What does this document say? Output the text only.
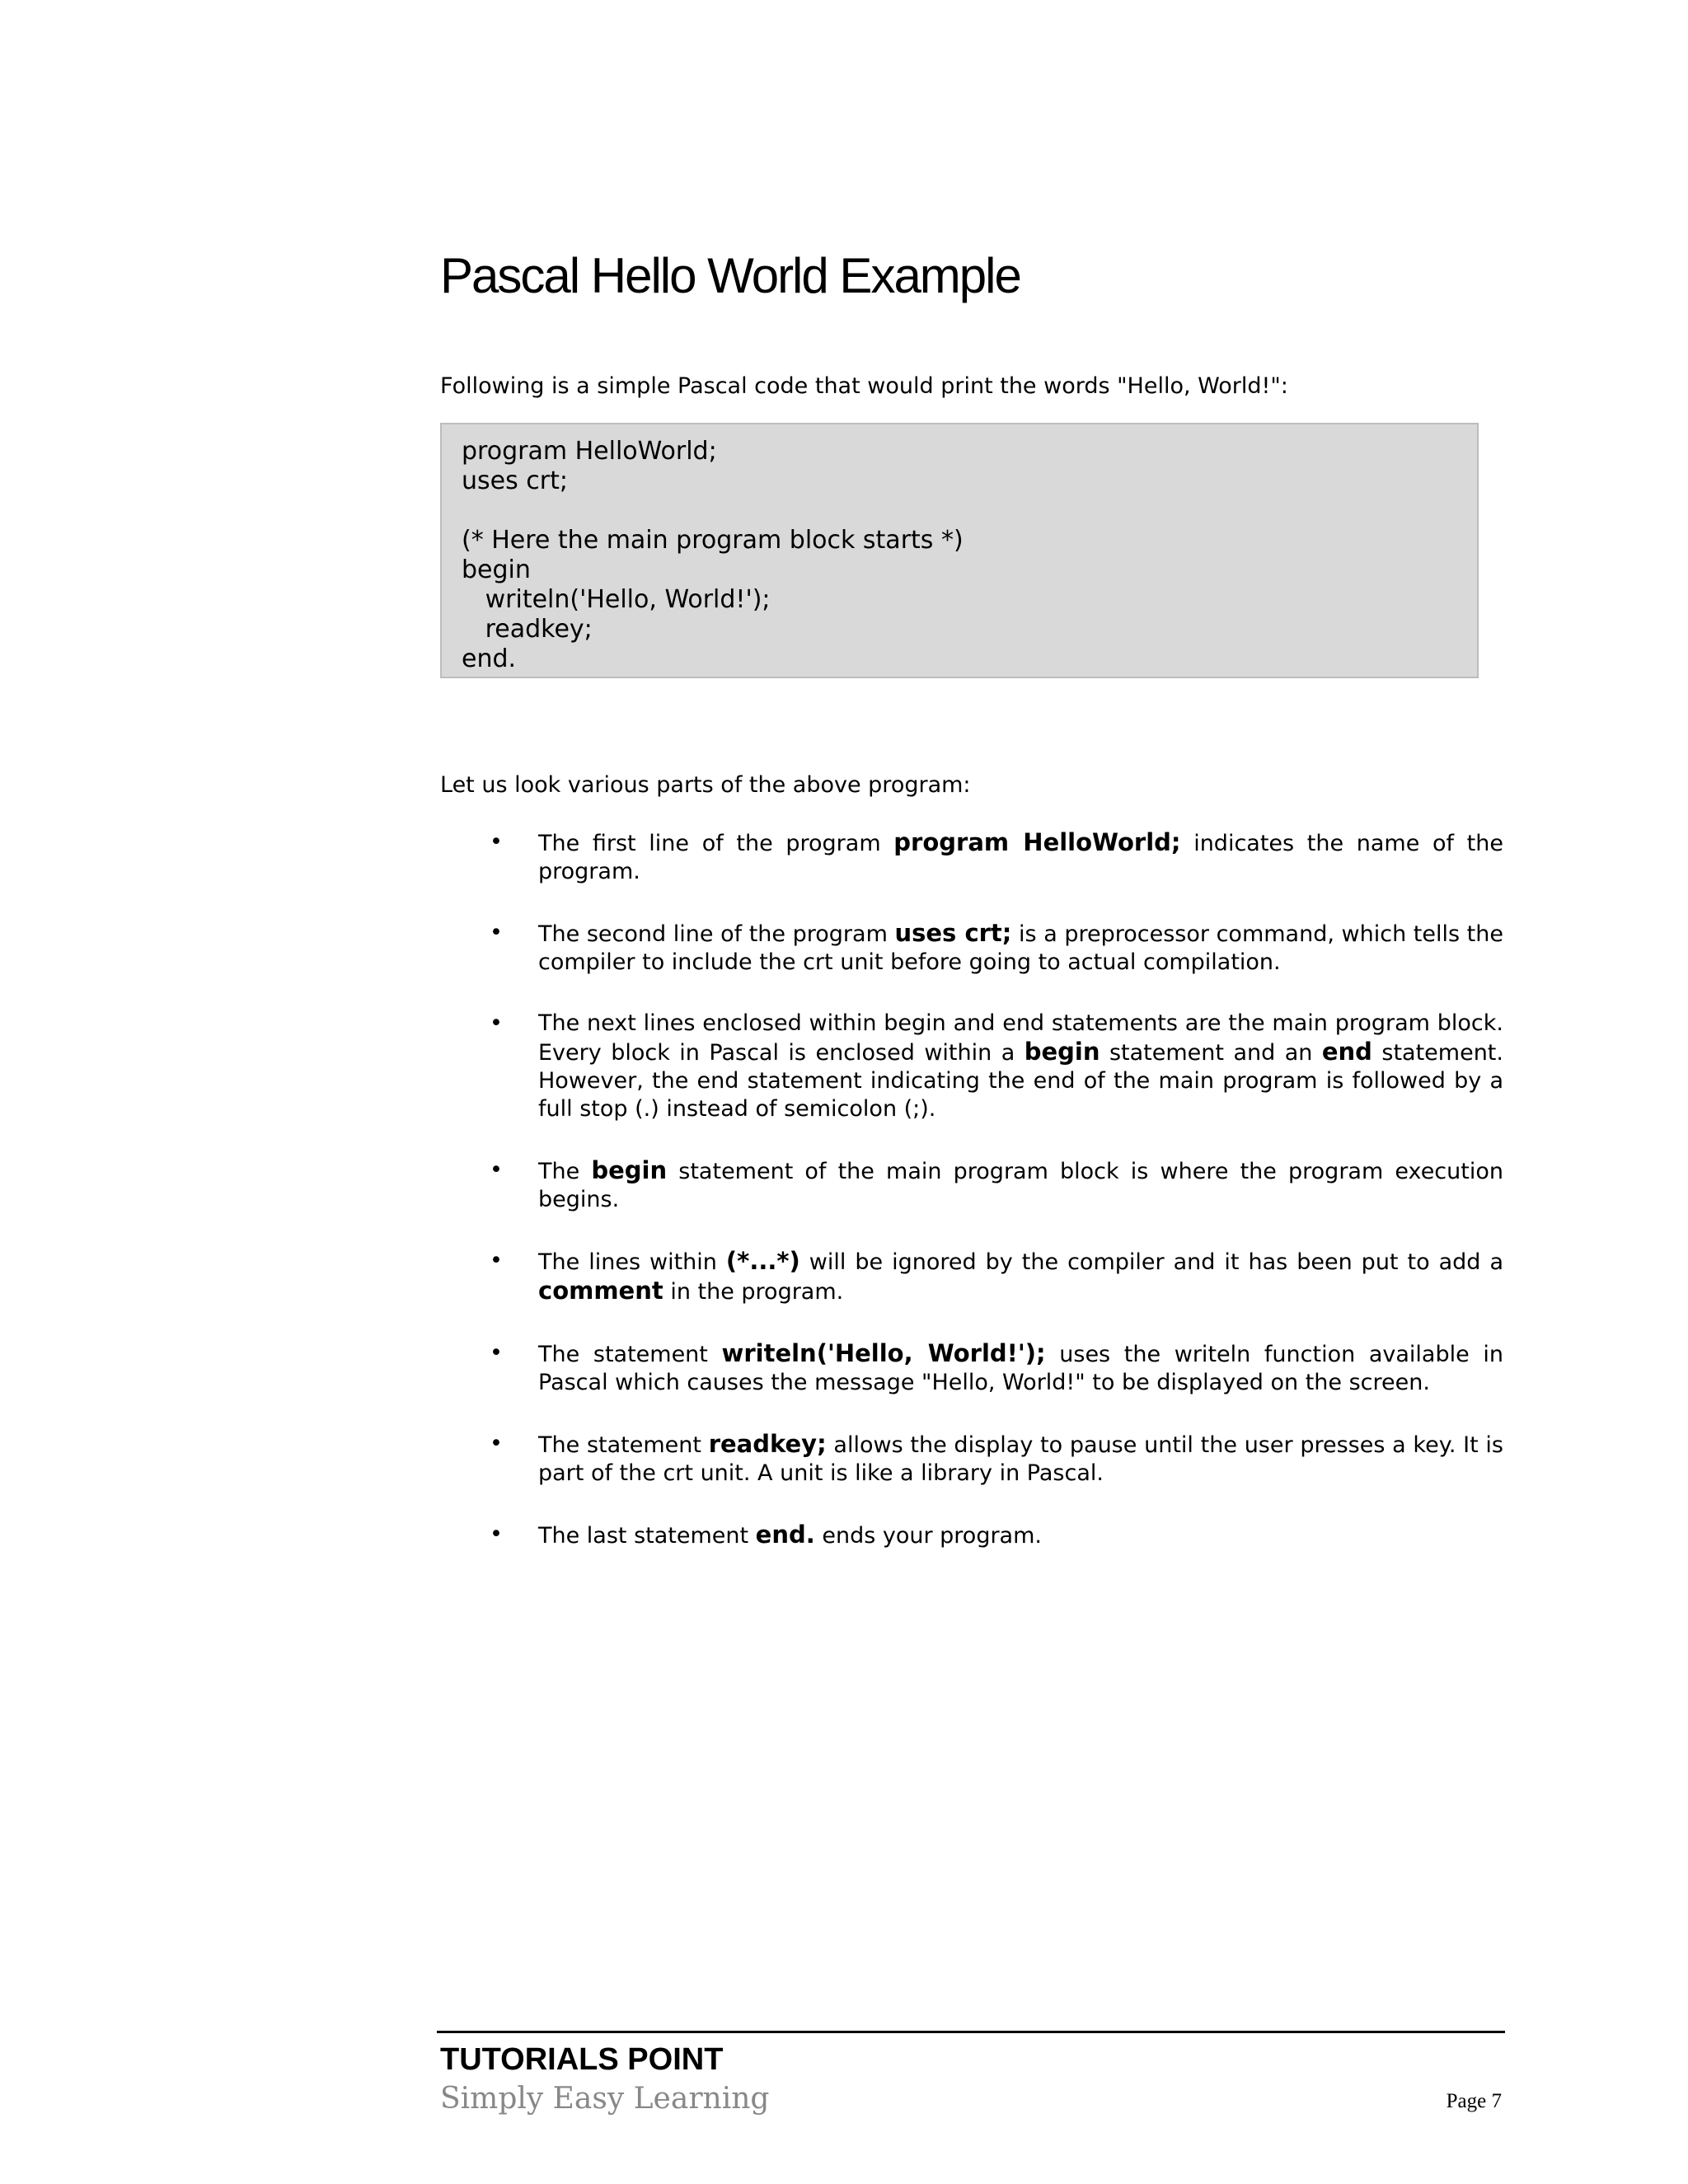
Pascal Hello World Example

Following is a simple Pascal code that would print the words "Hello, World!":

program HelloWorld;
uses crt;
(* Here the main program block starts *)
begin
writeln('Hello, World!');
readkey;
end.

Let us look various parts of the above program:

• The first line of the program program HelloWorld; indicates the name of the program.
• The second line of the program uses crt; is a preprocessor command, which tells the compiler to include the crt unit before going to actual compilation.
• The next lines enclosed within begin and end statements are the main program block. Every block in Pascal is enclosed within a begin statement and an end statement. However, the end statement indicating the end of the main program is followed by a full stop (.) instead of semicolon (;).
• The begin statement of the main program block is where the program execution begins.
• The lines within (*...*) will be ignored by the compiler and it has been put to add a comment in the program.
• The statement writeln('Hello, World!'); uses the writeln function available in Pascal which causes the message "Hello, World!" to be displayed on the screen.
• The statement readkey; allows the display to pause until the user presses a key. It is part of the crt unit. A unit is like a library in Pascal.
• The last statement end. ends your program.
TUTORIALS POINT
Simply Easy Learning	Page 7
